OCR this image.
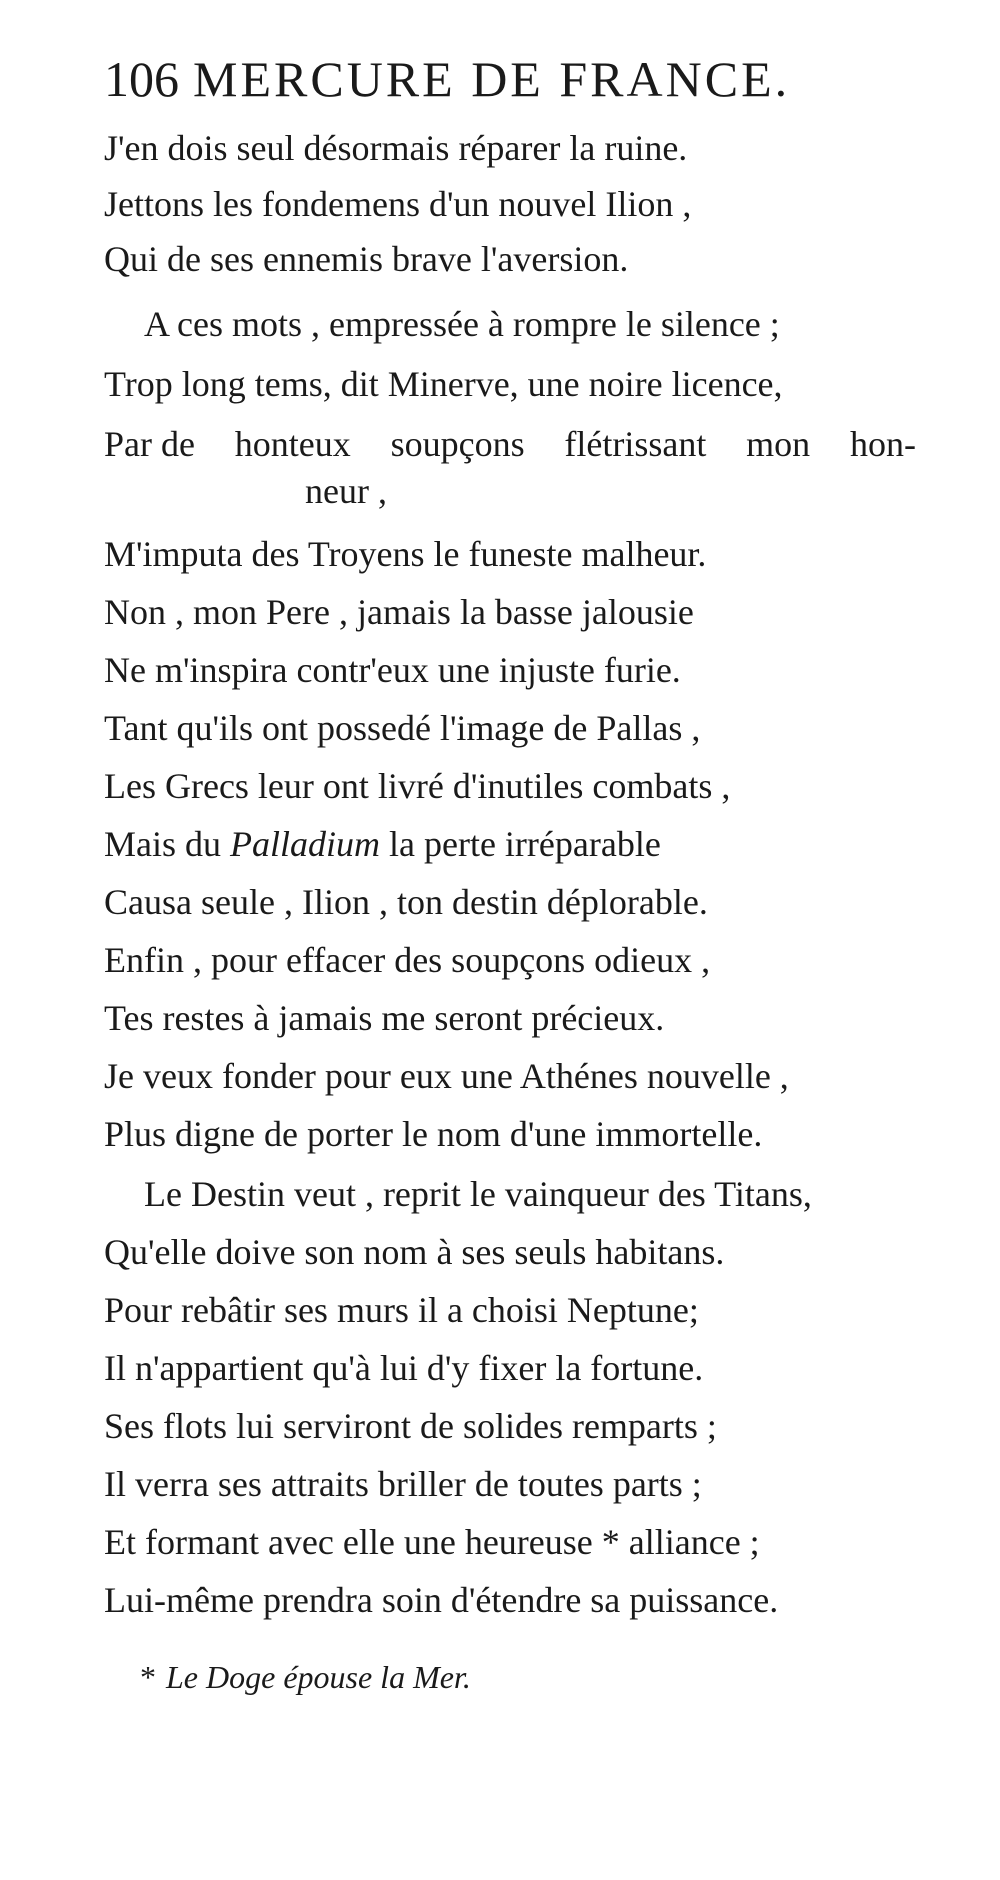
106 MERCURE DE FRANCE.
J'en dois seul désormais réparer la ruine.
Jettons les fondemens d'un nouvel Ilion ,
Qui de ses ennemis brave l'aversion.
A ces mots , empressée à rompre le silence ;
Trop long tems, dit Minerve, une noire licence,
Par de honteux soupçons flétrissant mon hon-
neur ,
M'imputa des Troyens le funeste malheur.
Non , mon Pere , jamais la basse jalousie
Ne m'inspira contr'eux une injuste furie.
Tant qu'ils ont possedé l'image de Pallas ,
Les Grecs leur ont livré d'inutiles combats ,
Mais du Palladium la perte irréparable
Causa seule , Ilion , ton destin déplorable.
Enfin , pour effacer des soupçons odieux ,
Tes restes à jamais me seront précieux.
Je veux fonder pour eux une Athénes nouvelle ,
Plus digne de porter le nom d'une immortelle.
Le Destin veut , reprit le vainqueur des Titans,
Qu'elle doive son nom à ses seuls habitans.
Pour rebâtir ses murs il a choisi Neptune;
Il n'appartient qu'à lui d'y fixer la fortune.
Ses flots lui serviront de solides remparts ;
Il verra ses attraits briller de toutes parts ;
Et formant avec elle une heureuse * alliance ;
Lui-même prendra soin d'étendre sa puissance.
* Le Doge épouse la Mer.
